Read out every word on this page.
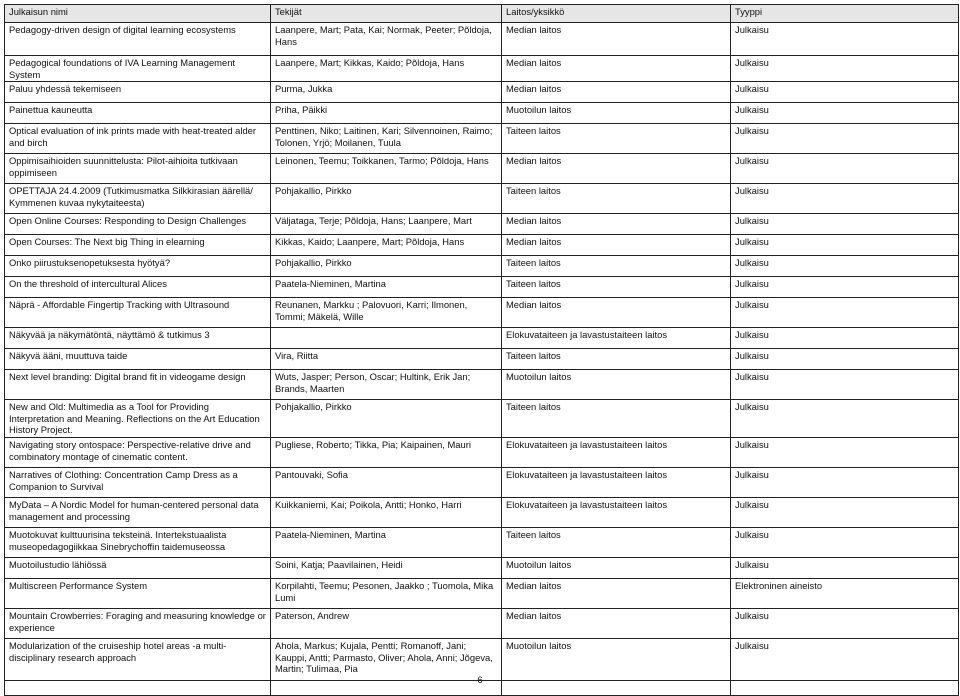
Julkaisun nimi	Tekijät	Laitos/yksikkö	Tyyppi
Pedagogy-driven design of digital learning ecosystems	Laanpere, Mart; Pata, Kai; Normak, Peeter; Põldoja, Hans	Median laitos	Julkaisu
Pedagogical foundations of IVA Learning Management System	Laanpere, Mart; Kikkas, Kaido; Põldoja, Hans	Median laitos	Julkaisu
Paluu yhdessä tekemiseen	Purma, Jukka	Median laitos	Julkaisu
Painettua kauneutta	Priha, Päikki	Muotoilun laitos	Julkaisu
Optical evaluation of ink prints made with heat-treated alder and birch	Penttinen, Niko; Laitinen, Kari; Silvennoinen, Raimo; Tolonen, Yrjö; Moilanen, Tuula	Taiteen laitos	Julkaisu
Oppimisaihioiden suunnittelusta: Pilot-aihioita tutkivaan oppimiseen	Leinonen, Teemu; Toikkanen, Tarmo; Põldoja, Hans	Median laitos	Julkaisu
OPETTAJA 24.4.2009 (Tutkimusmatka Silkkirasian äärellä/ Kymmenen kuvaa nykytaiteesta)	Pohjakallio, Pirkko	Taiteen laitos	Julkaisu
Open Online Courses: Responding to Design Challenges	Väljataga, Terje; Põldoja, Hans; Laanpere, Mart	Median laitos	Julkaisu
Open Courses: The Next big Thing in elearning	Kikkas, Kaido; Laanpere, Mart; Põldoja, Hans	Median laitos	Julkaisu
Onko piirustuksenopetuksesta hyötyä?	Pohjakallio, Pirkko	Taiteen laitos	Julkaisu
On the threshold of intercultural Alices	Paatela-Nieminen, Martina	Taiteen laitos	Julkaisu
Näprä - Affordable Fingertip Tracking with Ultrasound	Reunanen, Markku ; Palovuori, Karri; Ilmonen, Tommi; Mäkelä, Wille	Median laitos	Julkaisu
Näkyvää ja näkymätöntä, näyttämö & tutkimus 3		Elokuvataiteen ja lavastustaiteen laitos	Julkaisu
Näkyvä ääni, muuttuva taide	Vira, Riitta	Taiteen laitos	Julkaisu
Next level branding: Digital brand fit in videogame design	Wuts, Jasper; Person, Oscar; Hultink, Erik Jan; Brands, Maarten	Muotoilun laitos	Julkaisu
New and Old: Multimedia as a Tool for Providing Interpretation and Meaning. Reflections on the Art Education History Project.	Pohjakallio, Pirkko	Taiteen laitos	Julkaisu
Navigating story ontospace: Perspective-relative drive and combinatory montage of cinematic content.	Pugliese, Roberto; Tikka, Pia; Kaipainen, Mauri	Elokuvataiteen ja lavastustaiteen laitos	Julkaisu
Narratives of Clothing: Concentration Camp Dress as a Companion to Survival	Pantouvaki, Sofia	Elokuvataiteen ja lavastustaiteen laitos	Julkaisu
MyData – A Nordic Model for human-centered personal data management and processing	Kuikkaniemi, Kai; Poikola, Antti; Honko, Harri	Elokuvataiteen ja lavastustaiteen laitos	Julkaisu
Muotokuvat kulttuurisina teksteinä. Intertekstuaalista museopedagogiikkaa Sinebrychoffin taidemuseossa	Paatela-Nieminen, Martina	Taiteen laitos	Julkaisu
Muotoilustudio lähiössä	Soini, Katja; Paavilainen, Heidi	Muotoilun laitos	Julkaisu
Multiscreen Performance System	Korpilahti, Teemu; Pesonen, Jaakko ; Tuomola, Mika Lumi	Median laitos	Elektroninen aineisto
Mountain Crowberries: Foraging and measuring knowledge or experience	Paterson, Andrew	Median laitos	Julkaisu
Modularization of the cruiseship hotel areas -a multi-disciplinary research approach	Ahola, Markus; Kujala, Pentti; Romanoff, Jani; Kauppi, Antti; Parmasto, Oliver; Ahola, Anni; Jõgeva, Martin; Tulimaa, Pia	Muotoilun laitos	Julkaisu

6
